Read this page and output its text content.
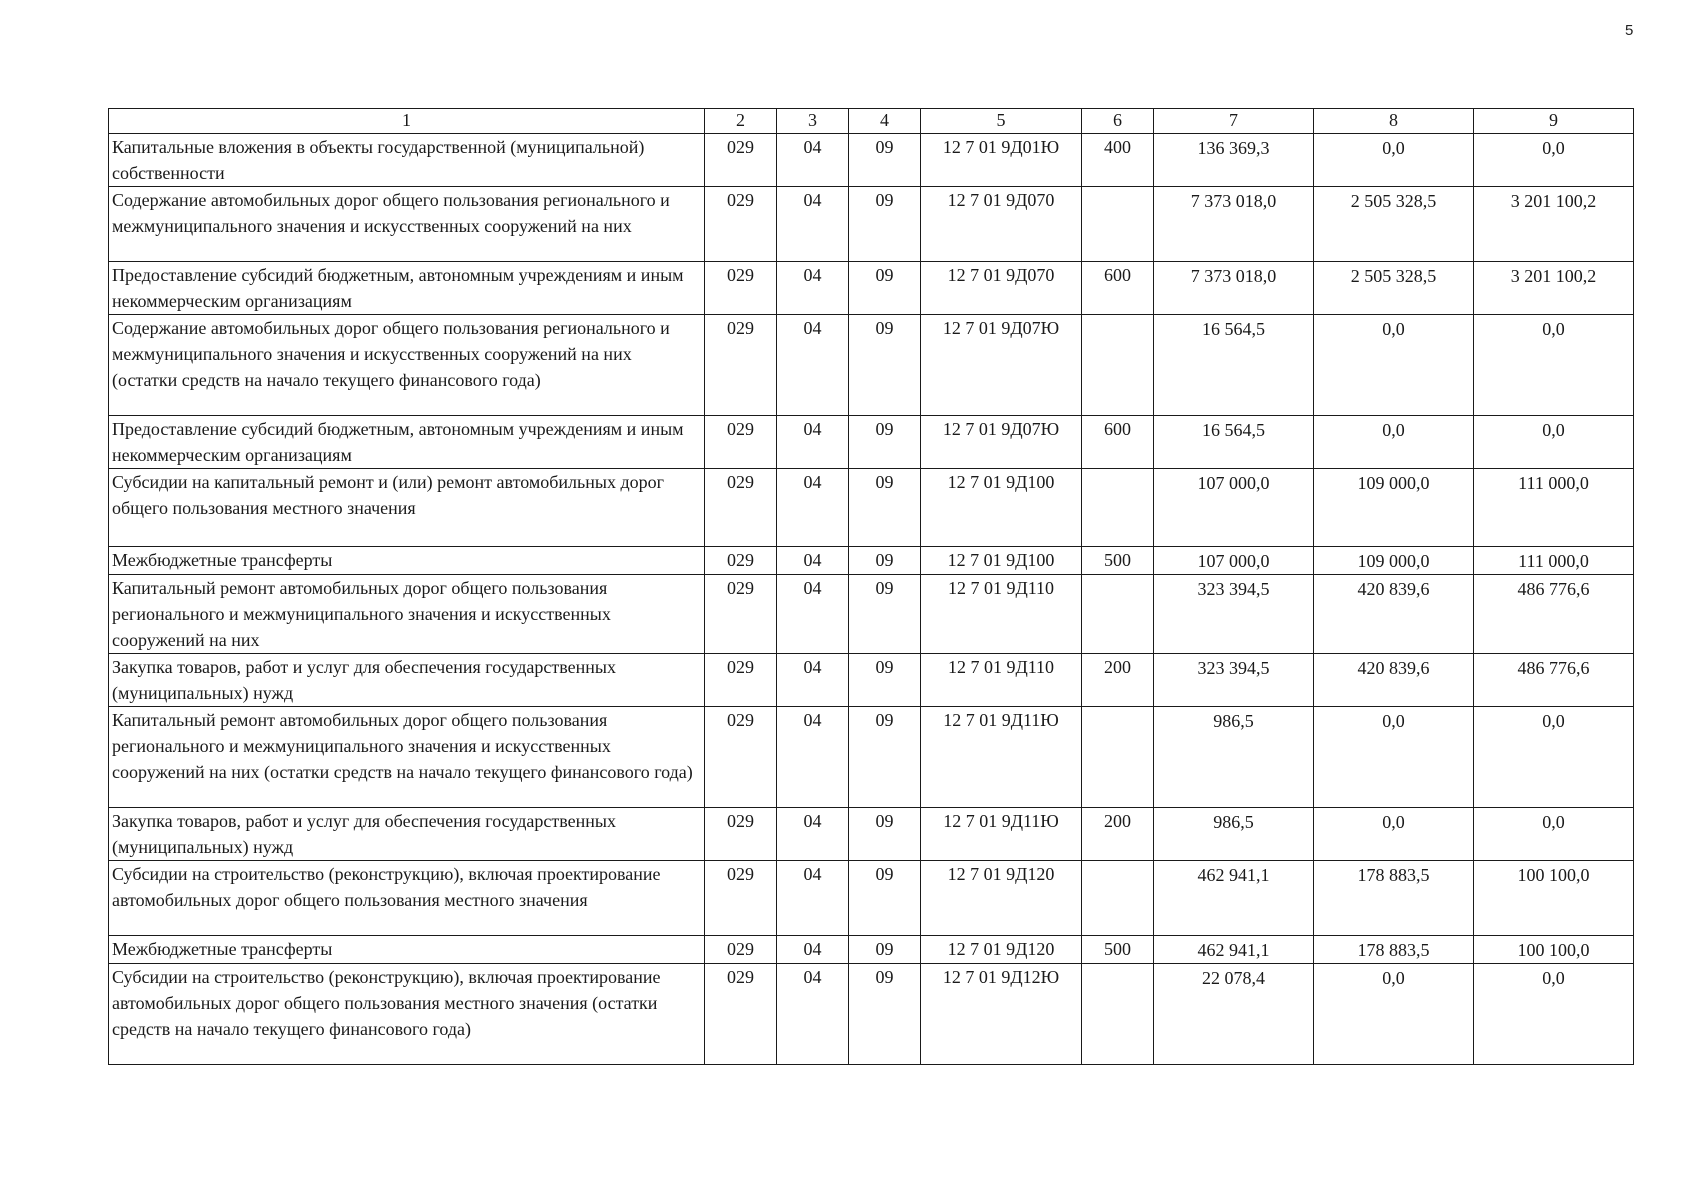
5
1	2	3	4	5	6	7	8	9
Капитальные вложения в объекты государственной (муниципальной) собственности	029	04	09	12 7 01 9Д01Ю	400	136 369,3	0,0	0,0
Содержание автомобильных дорог общего пользования регионального и межмуниципального значения и искусственных сооружений на них	029	04	09	12 7 01 9Д070		7 373 018,0	2 505 328,5	3 201 100,2
Предоставление субсидий бюджетным, автономным учреждениям и иным некоммерческим организациям	029	04	09	12 7 01 9Д070	600	7 373 018,0	2 505 328,5	3 201 100,2
Содержание автомобильных дорог общего пользования регионального и межмуниципального значения и искусственных сооружений на них (остатки средств на начало текущего финансового года)	029	04	09	12 7 01 9Д07Ю		16 564,5	0,0	0,0
Предоставление субсидий бюджетным, автономным учреждениям и иным некоммерческим организациям	029	04	09	12 7 01 9Д07Ю	600	16 564,5	0,0	0,0
Субсидии на капитальный ремонт и (или) ремонт автомобильных дорог общего пользования местного значения	029	04	09	12 7 01 9Д100		107 000,0	109 000,0	111 000,0
Межбюджетные трансферты	029	04	09	12 7 01 9Д100	500	107 000,0	109 000,0	111 000,0
Капитальный ремонт автомобильных дорог общего пользования регионального и межмуниципального значения и искусственных сооружений на них	029	04	09	12 7 01 9Д110		323 394,5	420 839,6	486 776,6
Закупка товаров, работ и услуг для обеспечения государственных (муниципальных) нужд	029	04	09	12 7 01 9Д110	200	323 394,5	420 839,6	486 776,6
Капитальный ремонт автомобильных дорог общего пользования регионального и межмуниципального значения и искусственных сооружений на них (остатки средств на начало текущего финансового года)	029	04	09	12 7 01 9Д11Ю		986,5	0,0	0,0
Закупка товаров, работ и услуг для обеспечения государственных (муниципальных) нужд	029	04	09	12 7 01 9Д11Ю	200	986,5	0,0	0,0
Субсидии на строительство (реконструкцию), включая проектирование автомобильных дорог общего пользования местного значения	029	04	09	12 7 01 9Д120		462 941,1	178 883,5	100 100,0
Межбюджетные трансферты	029	04	09	12 7 01 9Д120	500	462 941,1	178 883,5	100 100,0
Субсидии на строительство (реконструкцию), включая проектирование автомобильных дорог общего пользования местного значения (остатки средств на начало текущего финансового года)	029	04	09	12 7 01 9Д12Ю		22 078,4	0,0	0,0
